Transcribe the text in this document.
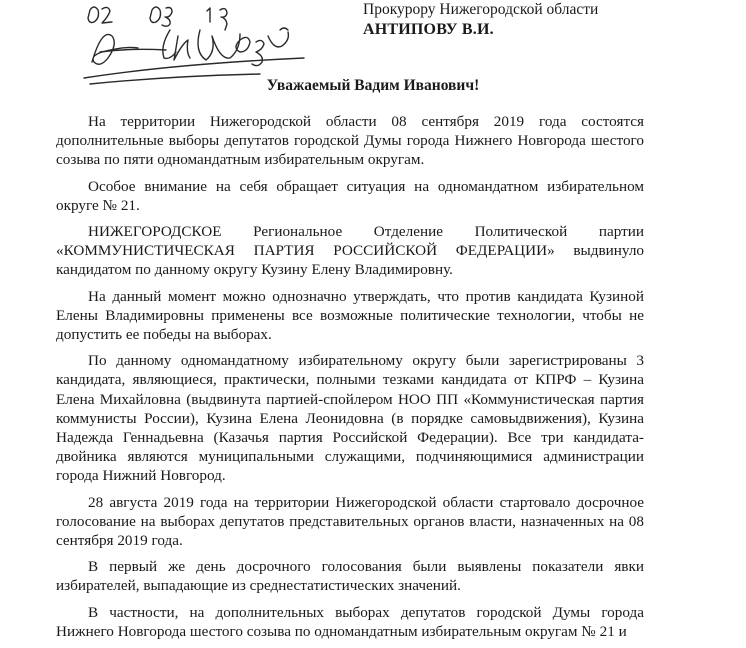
Прокурору Нижегородской области
АНТИПОВУ В.И.
Уважаемый Вадим Иванович!

На территории Нижегородской области 08 сентября 2019 года состоятся дополнительные выборы депутатов городской Думы города Нижнего Новгорода шестого созыва по пяти одномандатным избирательным округам.

Особое внимание на себя обращает ситуация на одномандатном избирательном округе № 21.

НИЖЕГОРОДСКОЕ Региональное Отделение Политической партии «КОММУНИСТИЧЕСКАЯ ПАРТИЯ РОССИЙСКОЙ ФЕДЕРАЦИИ» выдвинуло кандидатом по данному округу Кузину Елену Владимировну.

На данный момент можно однозначно утверждать, что против кандидата Кузиной Елены Владимировны применены все возможные политические технологии, чтобы не допустить ее победы на выборах.

По данному одномандатному избирательному округу были зарегистрированы 3 кандидата, являющиеся, практически, полными тезками кандидата от КПРФ – Кузина Елена Михайловна (выдвинута партией-спойлером НОО ПП «Коммунистическая партия коммунисты России), Кузина Елена Леонидовна (в порядке самовыдвижения), Кузина Надежда Геннадьевна (Казачья партия Российской Федерации). Все три кандидата-двойника являются муниципальными служащими, подчиняющимися администрации города Нижний Новгород.

28 августа 2019 года на территории Нижегородской области стартовало досрочное голосование на выборах депутатов представительных органов власти, назначенных на 08 сентября 2019 года.

В первый же день досрочного голосования были выявлены показатели явки избирателей, выпадающие из среднестатистических значений.

В частности, на дополнительных выборах депутатов городской Думы города Нижнего Новгорода шестого созыва по одномандатным избирательным округам № 21 и
